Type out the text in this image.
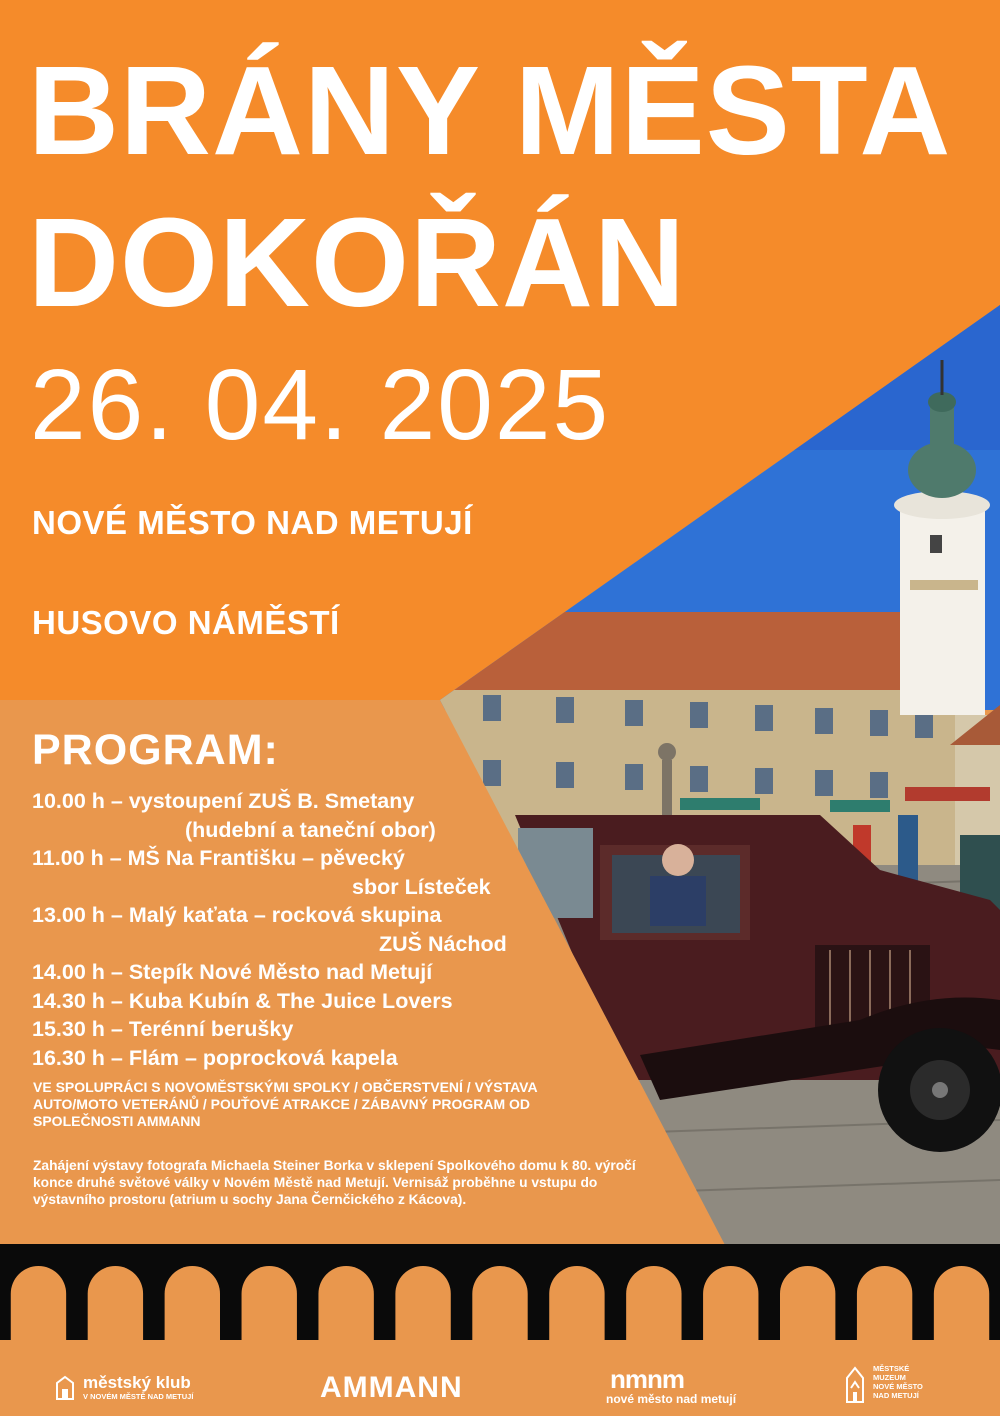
BRÁNY MĚSTA
DOKOŘÁN
26. 04. 2025
NOVÉ MĚSTO NAD METUJÍ
HUSOVO NÁMĚSTÍ
PROGRAM:
10.00 h – vystoupení ZUŠ B. Smetany
(hudební a taneční obor)
11.00 h – MŠ Na Františku – pěvecký
sbor Lísteček
13.00 h – Malý kaťata – rocková skupina
ZUŠ Náchod
14.00 h – Stepík Nové Město nad Metují
14.30 h – Kuba Kubín & The Juice Lovers
15.30 h – Terénní berušky
16.30 h – Flám – poprocková kapela
VE SPOLUPRÁCI S NOVOMĚSTSKÝMI SPOLKY / OBČERSTVENÍ / VÝSTAVA AUTO/MOTO VETERÁNŮ / POUŤOVÉ ATRAKCE / ZÁBAVNÝ PROGRAM OD SPOLEČNOSTI AMMANN
Zahájení výstavy fotografa Michaela Steiner Borka v sklepení Spolkového domu k 80. výročí konce druhé světové války v Novém Městě nad Metují. Vernisáž proběhne u vstupu do výstavního prostoru (atrium u sochy Jana Černčického z Kácova).
městský klub
V NOVÉM MĚSTĚ NAD METUJÍ	AMMANN	nmnm
nové město nad metují
MĚSTSKÉ
MUZEUM
NOVÉ MĚSTO
NAD METUJÍ
